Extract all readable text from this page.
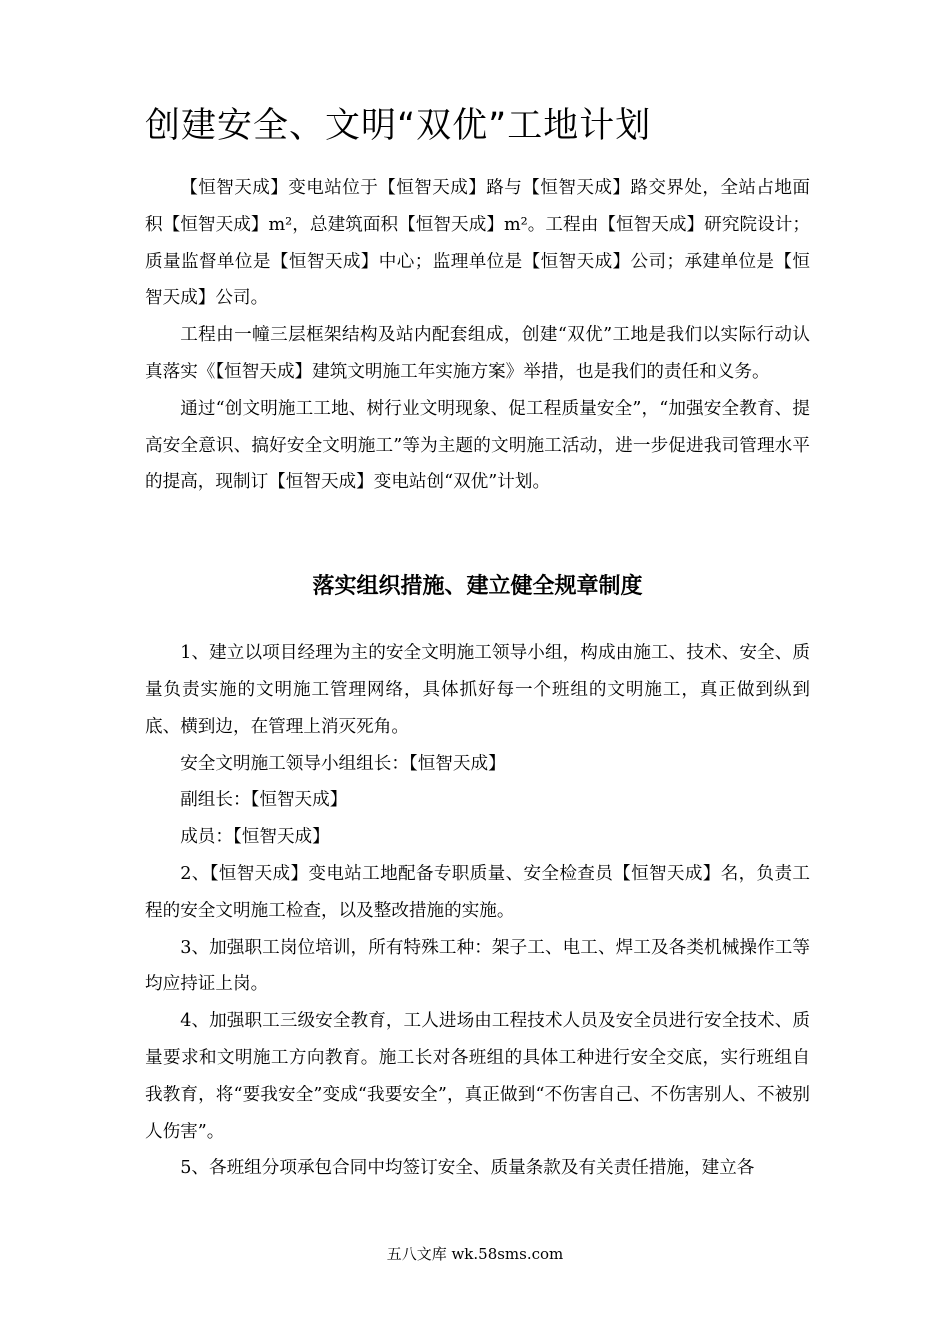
创建安全、文明“双优”工地计划

【恒智天成】变电站位于【恒智天成】路与【恒智天成】路交界处，全站占地面积【恒智天成】m²，总建筑面积【恒智天成】m²。工程由【恒智天成】研究院设计；质量监督单位是【恒智天成】中心；监理单位是【恒智天成】公司；承建单位是【恒智天成】公司。

工程由一幢三层框架结构及站内配套组成，创建“双优”工地是我们以实际行动认真落实《【恒智天成】建筑文明施工年实施方案》举措，也是我们的责任和义务。

通过“创文明施工工地、树行业文明现象、促工程质量安全”，“加强安全教育、提高安全意识、搞好安全文明施工”等为主题的文明施工活动，进一步促进我司管理水平的提高，现制订【恒智天成】变电站创“双优”计划。

落实组织措施、建立健全规章制度

1、建立以项目经理为主的安全文明施工领导小组，构成由施工、技术、安全、质量负责实施的文明施工管理网络，具体抓好每一个班组的文明施工，真正做到纵到底、横到边，在管理上消灭死角。

安全文明施工领导小组组长：【恒智天成】

副组长：【恒智天成】

成员：【恒智天成】

2、【恒智天成】变电站工地配备专职质量、安全检查员【恒智天成】名，负责工程的安全文明施工检查，以及整改措施的实施。

3、加强职工岗位培训，所有特殊工种：架子工、电工、焊工及各类机械操作工等均应持证上岗。

4、加强职工三级安全教育，工人进场由工程技术人员及安全员进行安全技术、质量要求和文明施工方向教育。施工长对各班组的具体工种进行安全交底，实行班组自我教育，将“要我安全”变成“我要安全”，真正做到“不伤害自己、不伤害别人、不被别人伤害”。

5、各班组分项承包合同中均签订安全、质量条款及有关责任措施，建立各

五八文库 wk.58sms.com
